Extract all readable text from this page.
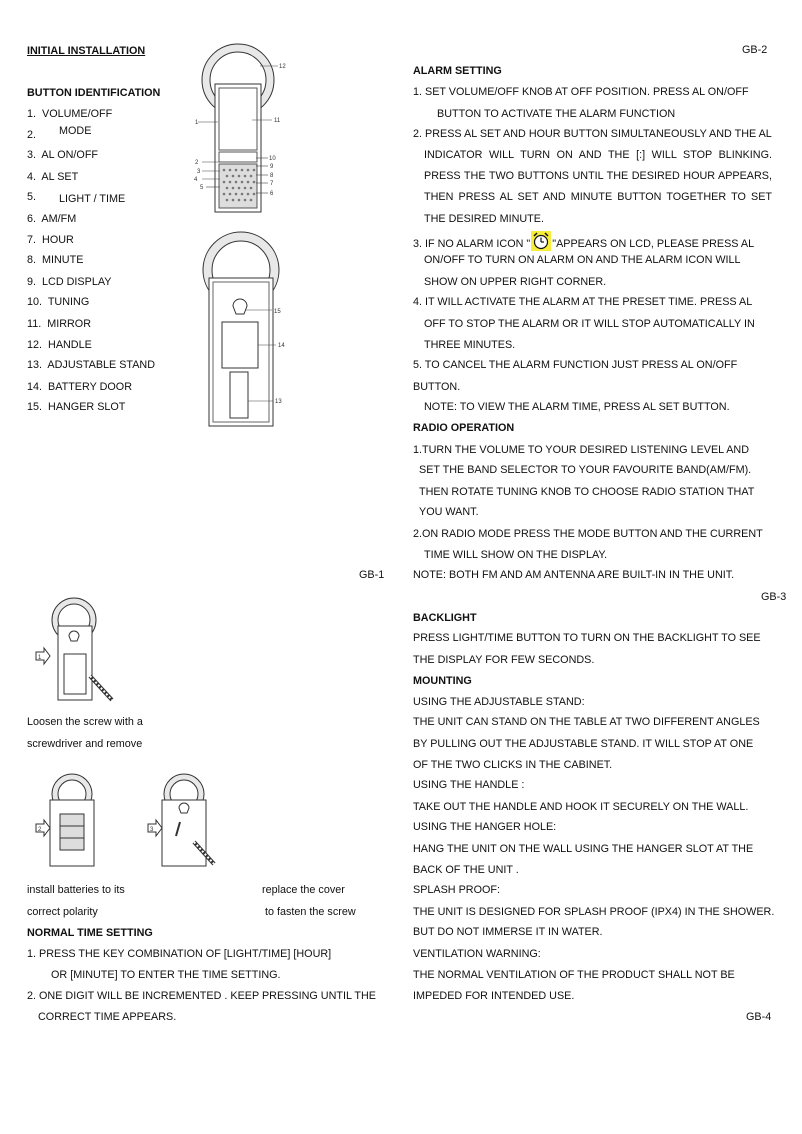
INITIAL INSTALLATION
BUTTON IDENTIFICATION
1. VOLUME/OFF
2. MODE
3. AL ON/OFF
4. AL SET
5. LIGHT / TIME
6. AM/FM
7. HOUR
8. MINUTE
9. LCD DISPLAY
10. TUNING
11. MIRROR
12. HANDLE
13. ADJUSTABLE STAND
14. BATTERY DOOR
15. HANGER SLOT
12
1	11
2
3
4
5
10
9
8
7
6
15
14
13
GB-1
1
Loosen the screw with a
screwdriver and remove
2	3
install batteries to its
correct polarity
replace the cover
to fasten the screw
NORMAL TIME SETTING
1. PRESS THE KEY COMBINATION OF [LIGHT/TIME] [HOUR]
OR [MINUTE] TO ENTER THE TIME SETTING.
2. ONE DIGIT WILL BE INCREMENTED . KEEP PRESSING UNTIL THE
CORRECT TIME APPEARS.
GB-2
ALARM SETTING
1. SET VOLUME/OFF KNOB AT OFF POSITION. PRESS AL ON/OFF
BUTTON TO ACTIVATE THE ALARM FUNCTION
2. PRESS AL SET AND HOUR BUTTON SIMULTANEOUSLY AND THE AL
INDICATOR WILL TURN ON AND THE [:] WILL STOP BLINKING.
PRESS THE TWO BUTTONS UNTIL THE DESIRED HOUR APPEARS,
THEN PRESS AL SET AND MINUTE BUTTON TOGETHER TO SET
THE DESIRED MINUTE.
3. IF NO ALARM ICON " "APPEARS ON LCD, PLEASE PRESS AL
ON/OFF TO TURN ON ALARM ON AND THE ALARM ICON WILL
SHOW ON UPPER RIGHT CORNER.
4. IT WILL ACTIVATE THE ALARM AT THE PRESET TIME. PRESS AL
OFF TO STOP THE ALARM OR IT WILL STOP AUTOMATICALLY IN
THREE MINUTES.
5. TO CANCEL THE ALARM FUNCTION JUST PRESS AL ON/OFF
BUTTON.
NOTE: TO VIEW THE ALARM TIME, PRESS AL SET BUTTON.
RADIO OPERATION
1.TURN THE VOLUME TO YOUR DESIRED LISTENING LEVEL AND
SET THE BAND SELECTOR TO YOUR FAVOURITE BAND(AM/FM).
THEN ROTATE TUNING KNOB TO CHOOSE RADIO STATION THAT
YOU WANT.
2.ON RADIO MODE PRESS THE MODE BUTTON AND THE CURRENT
TIME WILL SHOW ON THE DISPLAY.
NOTE: BOTH FM AND AM ANTENNA ARE BUILT-IN IN THE UNIT.
GB-3
BACKLIGHT
PRESS LIGHT/TIME BUTTON TO TURN ON THE BACKLIGHT TO SEE
THE DISPLAY FOR FEW SECONDS.
MOUNTING
USING THE ADJUSTABLE STAND:
THE UNIT CAN STAND ON THE TABLE AT TWO DIFFERENT ANGLES
BY PULLING OUT THE ADJUSTABLE STAND. IT WILL STOP AT ONE
OF THE TWO CLICKS IN THE CABINET.
USING THE HANDLE :
TAKE OUT THE HANDLE AND HOOK IT SECURELY ON THE WALL.
USING THE HANGER HOLE:
HANG THE UNIT ON THE WALL USING THE HANGER SLOT AT THE
BACK OF THE UNIT .
SPLASH PROOF:
THE UNIT IS DESIGNED FOR SPLASH PROOF (IPX4) IN THE SHOWER.
BUT DO NOT IMMERSE IT IN WATER.
VENTILATION WARNING:
THE NORMAL VENTILATION OF THE PRODUCT SHALL NOT BE
IMPEDED FOR INTENDED USE.
GB-4
